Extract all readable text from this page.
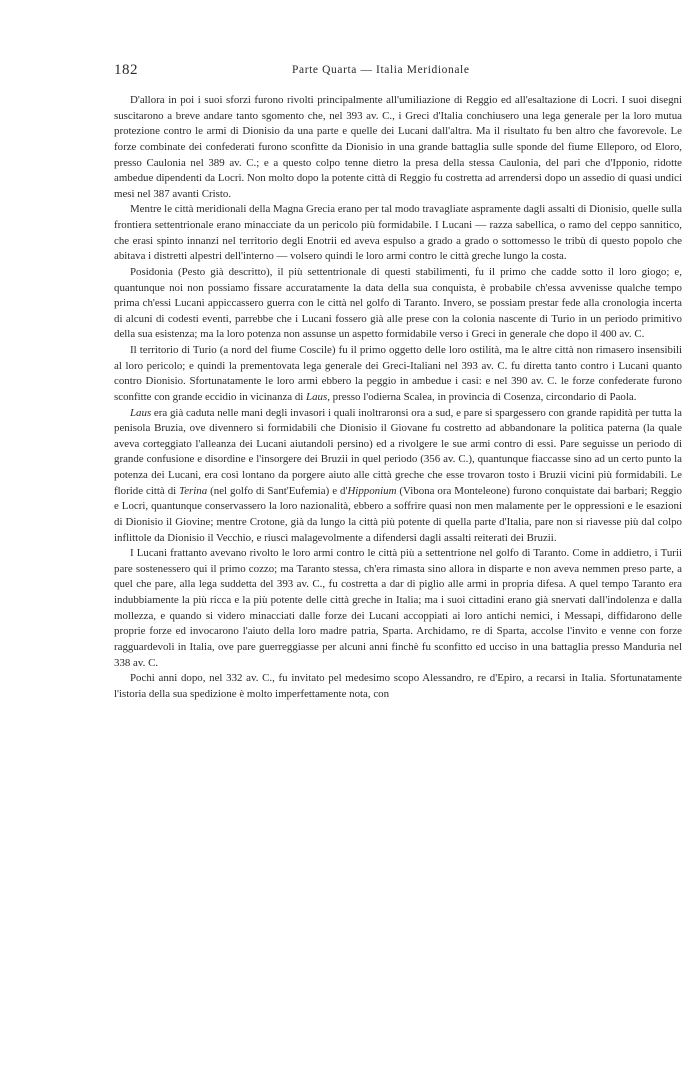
182	Parte Quarta — Italia Meridionale

D'allora in poi i suoi sforzi furono rivolti principalmente all'umiliazione di Reggio ed all'esaltazione di Locri. I suoi disegni suscitarono a breve andare tanto sgomento che, nel 393 av. C., i Greci d'Italia conchiusero una lega generale per la loro mutua protezione contro le armi di Dionisio da una parte e quelle dei Lucani dall'altra. Ma il risultato fu ben altro che favorevole. Le forze combinate dei confederati furono sconfitte da Dionisio in una grande battaglia sulle sponde del fiume Elleporo, od Eloro, presso Caulonia nel 389 av. C.; e a questo colpo tenne dietro la presa della stessa Caulonia, del pari che d'Ipponio, ridotte ambedue dipendenti da Locri. Non molto dopo la potente città di Reggio fu costretta ad arrendersi dopo un assedio di quasi undici mesi nel 387 avanti Cristo.

Mentre le città meridionali della Magna Grecia erano per tal modo travagliate aspramente dagli assalti di Dionisio, quelle sulla frontiera settentrionale erano minacciate da un pericolo più formidabile. I Lucani — razza sabellica, o ramo del ceppo sannitico, che erasi spinto innanzi nel territorio degli Enotrii ed aveva espulso a grado a grado o sottomesso le tribù di questo popolo che abitava i distretti alpestri dell'interno — volsero quindi le loro armi contro le città greche lungo la costa.

Posidonia (Pesto già descritto), il più settentrionale di questi stabilimenti, fu il primo che cadde sotto il loro giogo; e, quantunque noi non possiamo fissare accuratamente la data della sua conquista, è probabile ch'essa avvenisse qualche tempo prima ch'essi Lucani appiccassero guerra con le città nel golfo di Taranto. Invero, se possiam prestar fede alla cronologia incerta di alcuni di codesti eventi, parrebbe che i Lucani fossero già alle prese con la colonia nascente di Turio in un periodo primitivo della sua esistenza; ma la loro potenza non assunse un aspetto formidabile verso i Greci in generale che dopo il 400 av. C.

Il territorio di Turio (a nord del fiume Coscile) fu il primo oggetto delle loro ostilità, ma le altre città non rimasero insensibili al loro pericolo; e quindi la prementovata lega generale dei Greci-Italiani nel 393 av. C. fu diretta tanto contro i Lucani quanto contro Dionisio. Sfortunatamente le loro armi ebbero la peggio in ambedue i casi: e nel 390 av. C. le forze confederate furono sconfitte con grande eccidio in vicinanza di Laus, presso l'odierna Scalea, in provincia di Cosenza, circondario di Paola.

Laus era già caduta nelle mani degli invasori i quali inoltraronsi ora a sud, e pare si spargessero con grande rapidità per tutta la penisola Bruzia, ove divennero sì formidabili che Dionisio il Giovane fu costretto ad abbandonare la politica paterna (la quale aveva corteggiato l'alleanza dei Lucani aiutandoli persino) ed a rivolgere le sue armi contro di essi. Pare seguisse un periodo di grande confusione e disordine e l'insorgere dei Bruzii in quel periodo (356 av. C.), quantunque fiaccasse sino ad un certo punto la potenza dei Lucani, era così lontano da porgere aiuto alle città greche che esse trovaron tosto i Bruzii vicini più formidabili. Le floride città di Terina (nel golfo di Sant'Eufemia) e d'Hipponium (Vibona ora Monteleone) furono conquistate dai barbari; Reggio e Locri, quantunque conservassero la loro nazionalità, ebbero a soffrire quasi non men malamente per le oppressioni e le esazioni di Dionisio il Giovine; mentre Crotone, già da lungo la città più potente di quella parte d'Italia, pare non si riavesse più dal colpo inflittole da Dionisio il Vecchio, e riuscì malagevolmente a difendersi dagli assalti reiterati dei Bruzii.

I Lucani frattanto avevano rivolto le loro armi contro le città più a settentrione nel golfo di Taranto. Come in addietro, i Turii pare sostenessero qui il primo cozzo; ma Taranto stessa, ch'era rimasta sino allora in disparte e non aveva nemmen preso parte, a quel che pare, alla lega suddetta del 393 av. C., fu costretta a dar di piglio alle armi in propria difesa. A quel tempo Taranto era indubbiamente la più ricca e la più potente delle città greche in Italia; ma i suoi cittadini erano già snervati dall'indolenza e dalla mollezza, e quando si videro minacciati dalle forze dei Lucani accoppiati ai loro antichi nemici, i Messapi, diffidarono delle proprie forze ed invocarono l'aiuto della loro madre patria, Sparta. Archidamo, re di Sparta, accolse l'invito e venne con forze ragguardevoli in Italia, ove pare guerreggiasse per alcuni anni finchè fu sconfitto ed ucciso in una battaglia presso Manduria nel 338 av. C.

Pochi anni dopo, nel 332 av. C., fu invitato pel medesimo scopo Alessandro, re d'Epiro, a recarsi in Italia. Sfortunatamente l'istoria della sua spedizione è molto imperfettamente nota, con
